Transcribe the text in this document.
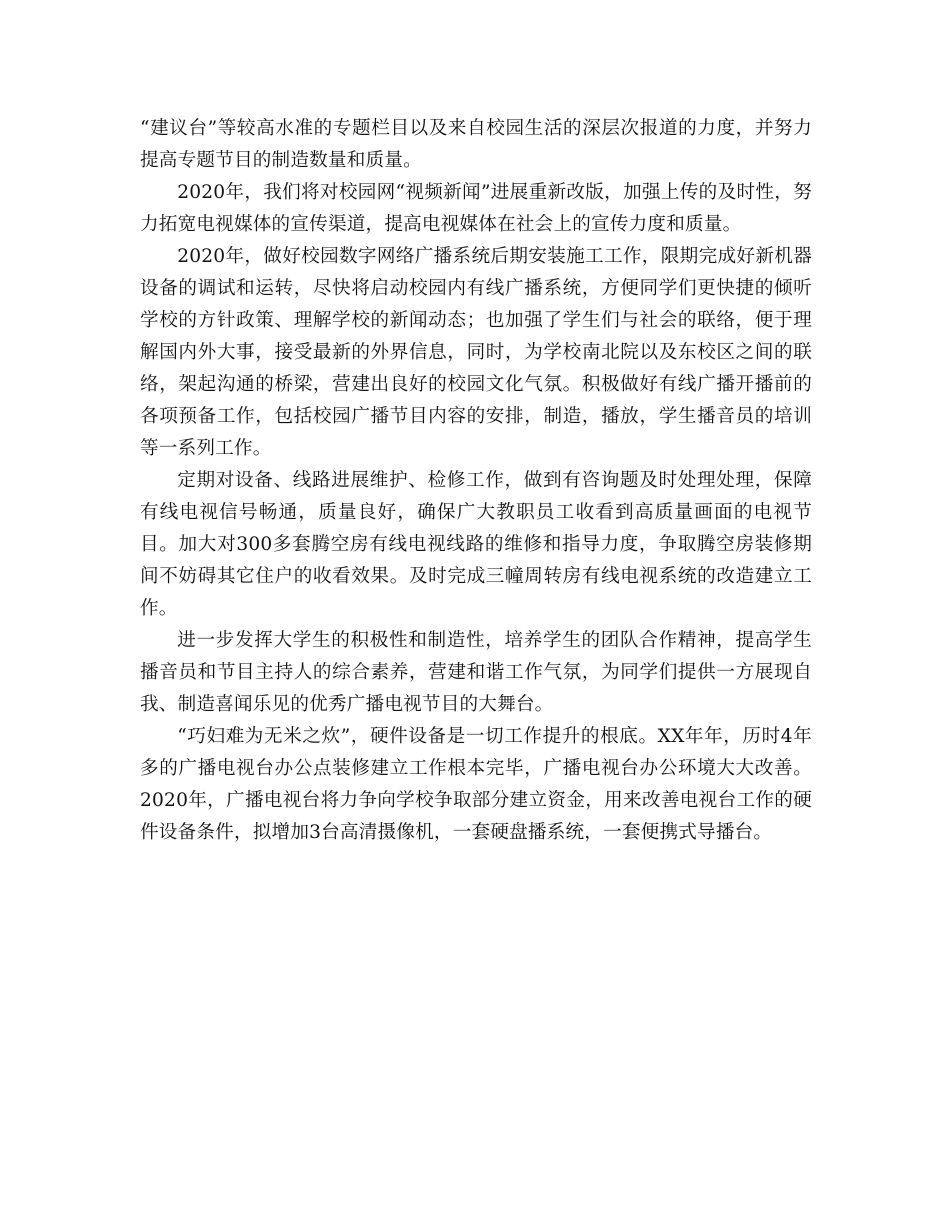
“建议台”等较高水准的专题栏目以及来自校园生活的深层次报道的力度，并努力提高专题节目的制造数量和质量。

2020年，我们将对校园网“视频新闻”进展重新改版，加强上传的及时性，努力拓宽电视媒体的宣传渠道，提高电视媒体在社会上的宣传力度和质量。

2020年，做好校园数字网络广播系统后期安装施工工作，限期完成好新机器设备的调试和运转，尽快将启动校园内有线广播系统，方便同学们更快捷的倾听学校的方针政策、理解学校的新闻动态；也加强了学生们与社会的联络，便于理解国内外大事，接受最新的外界信息，同时，为学校南北院以及东校区之间的联络，架起沟通的桥梁，营建出良好的校园文化气氛。积极做好有线广播开播前的各项预备工作，包括校园广播节目内容的安排，制造，播放，学生播音员的培训等一系列工作。

定期对设备、线路进展维护、检修工作，做到有咨询题及时处理处理，保障有线电视信号畅通，质量良好，确保广大教职员工收看到高质量画面的电视节目。加大对300多套腾空房有线电视线路的维修和指导力度，争取腾空房装修期间不妨碍其它住户的收看效果。及时完成三幢周转房有线电视系统的改造建立工作。

进一步发挥大学生的积极性和制造性，培养学生的团队合作精神，提高学生播音员和节目主持人的综合素养，营建和谐工作气氛，为同学们提供一方展现自我、制造喜闻乐见的优秀广播电视节目的大舞台。

“巧妇难为无米之炊”，硬件设备是一切工作提升的根底。XX年年，历时4年多的广播电视台办公点装修建立工作根本完毕，广播电视台办公环境大大改善。2020年，广播电视台将力争向学校争取部分建立资金，用来改善电视台工作的硬件设备条件，拟增加3台高清摄像机，一套硬盘播系统，一套便携式导播台。
